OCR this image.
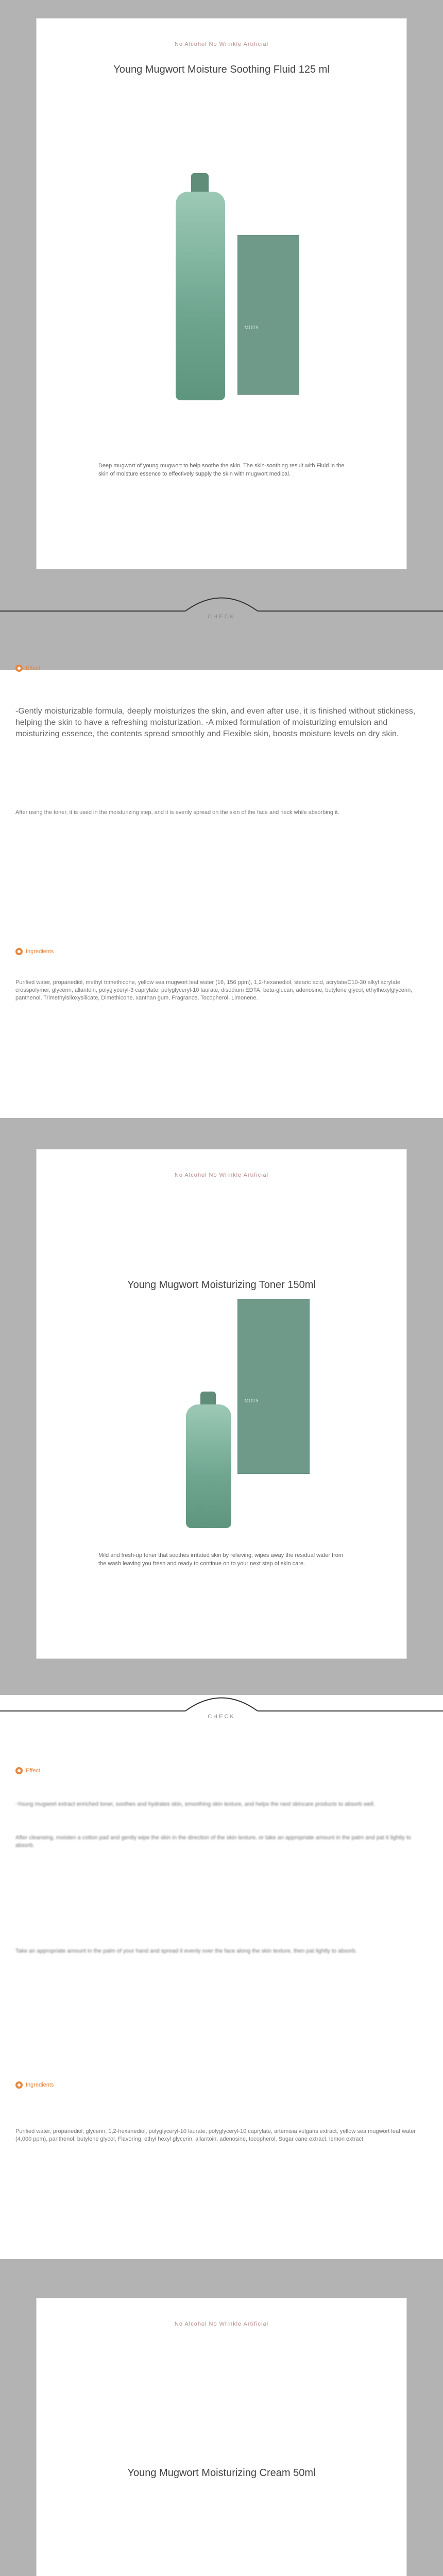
No Alcohol No Wrinkle Artificial
Young Mugwort Moisture Soothing Fluid 125 ml
MOTS
Deep mugwort of young mugwort to help soothe the skin. The skin-soothing result with Fluid in the skin of moisture essence to effectively supply the skin with mugwort medical.
CHECK
Effect
-Gently moisturizable formula, deeply moisturizes the skin, and even after use, it is finished without stickiness, helping the skin to have a refreshing moisturization. -A mixed formulation of moisturizing emulsion and moisturizing essence, the contents spread smoothly and Flexible skin, boosts moisture levels on dry skin.
After using the toner, it is used in the moisturizing step, and it is evenly spread on the skin of the face and neck while absorbing it.
Ingredients
Purified water, propanediol, methyl trimethicone, yellow sea mugwort leaf water (16, 156 ppm), 1,2-hexanediol, stearic acid, acrylate/C10-30 alkyl acrylate crosspolymer, glycerin, allantoin, polyglyceryl-3 caprylate, polyglyceryl-10 laurate, disodium EDTA, beta-glucan, adenosine, butylene glycol, ethylhexylglycerin, panthenol, Trimethylsiloxysilicate, Dimethicone, xanthan gum, Fragrance, Tocopherol, Limonene.
No Alcohol No Wrinkle Artificial
Young Mugwort Moisturizing Toner 150ml
MOTS
Mild and fresh-up toner that soothes irritated skin by relieving, wipes away the residual water from the wash leaving you fresh and ready to continue on to your next step of skin care.
CHECK
Effect
-Young mugwort extract enriched toner, soothes and hydrates skin, smoothing skin texture, and helps the next skincare products to absorb well.
After cleansing, moisten a cotton pad and gently wipe the skin in the direction of the skin texture, or take an appropriate amount in the palm and pat it lightly to absorb.
Take an appropriate amount in the palm of your hand and spread it evenly over the face along the skin texture, then pat lightly to absorb.
Ingredients
Purified water, propanediol, glycerin, 1,2-hexanediol, polyglyceryl-10 laurate, polyglyceryl-10 caprylate, artemisia vulgaris extract, yellow sea mugwort leaf water (4,000 ppm), panthenol, butylene glycol, Flavoring, ethyl hexyl glycerin, allantoin, adenosine, tocopherol, Sugar cane extract, lemon extract.
No Alcohol No Wrinkle Artificial
Young Mugwort Moisturizing Cream 50ml
